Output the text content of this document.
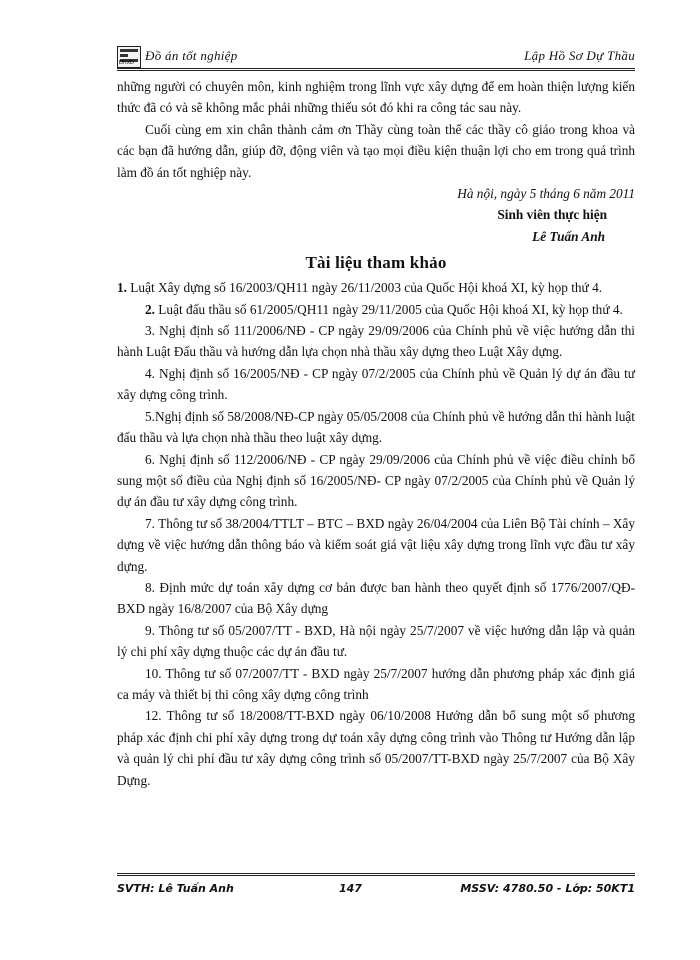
ĐHXD Đồ án tốt nghiệp	Lập Hồ Sơ Dự Thầu

những người có chuyên môn, kinh nghiệm trong lĩnh vực xây dựng để em hoàn thiện lượng kiến thức đã có và sẽ không mắc phải những thiếu sót đó khi ra công tác sau này.

Cuối cùng em xin chân thành cảm ơn Thầy cùng toàn thể các thầy cô giáo trong khoa và các bạn đã hướng dẫn, giúp đỡ, động viên và tạo mọi điều kiện thuận lợi cho em trong quá trình làm đồ án tốt nghiệp này.

Hà nội, ngày 5 tháng 6 năm 2011

Sinh viên thực hiện

Lê Tuấn Anh

Tài liệu tham khảo

1. Luật Xây dựng số 16/2003/QH11 ngày 26/11/2003 của Quốc Hội khoá XI, kỳ họp thứ 4.

2. Luật đấu thầu số 61/2005/QH11 ngày 29/11/2005 của Quốc Hội khoá XI, kỳ họp thứ 4.

3. Nghị định số 111/2006/NĐ - CP ngày 29/09/2006 của Chính phủ về việc hướng dẫn thi hành Luật Đấu thầu và hướng dẫn lựa chọn nhà thầu xây dựng theo Luật Xây dựng.

4. Nghị định số 16/2005/NĐ - CP ngày 07/2/2005 của Chính phủ về Quản lý dự án đầu tư xây dựng công trình.

5.Nghị định số 58/2008/NĐ-CP ngày 05/05/2008 của Chính phủ về hướng dẫn thi hành luật đấu thầu và lựa chọn nhà thầu theo luật xây dựng.

6. Nghị định số 112/2006/NĐ - CP ngày 29/09/2006 của Chính phủ về việc điều chỉnh bổ sung một số điều của Nghị định số 16/2005/NĐ- CP ngày 07/2/2005 của Chính phủ về Quản lý dự án đầu tư xây dựng công trình.

7. Thông tư số 38/2004/TTLT – BTC – BXD ngày 26/04/2004 của Liên Bộ Tài chính – Xây dựng về việc hướng dẫn thông báo và kiểm soát giá vật liệu xây dựng trong lĩnh vực đầu tư xây dựng.

8. Định mức dự toán xây dựng cơ bản được ban hành theo quyết định số 1776/2007/QĐ-BXD ngày 16/8/2007 của Bộ Xây dựng

9. Thông tư số 05/2007/TT - BXD, Hà nội ngày 25/7/2007 về việc hướng dẫn lập và quản lý chi phí xây dựng thuộc các dự án đầu tư.

10. Thông tư số 07/2007/TT - BXD ngày 25/7/2007 hướng dẫn phương pháp xác định giá ca máy và thiết bị thi công xây dựng công trình

12. Thông tư số 18/2008/TT-BXD ngày 06/10/2008 Hướng dẫn bổ sung một số phương pháp xác định chi phí xây dựng trong dự toán xây dựng công trình vào Thông tư Hướng dẫn lập và quản lý chi phí đầu tư xây dựng công trình số 05/2007/TT-BXD ngày 25/7/2007 của Bộ Xây Dựng.

SVTH: Lê Tuấn Anh	147	MSSV: 4780.50 - Lớp: 50KT1
